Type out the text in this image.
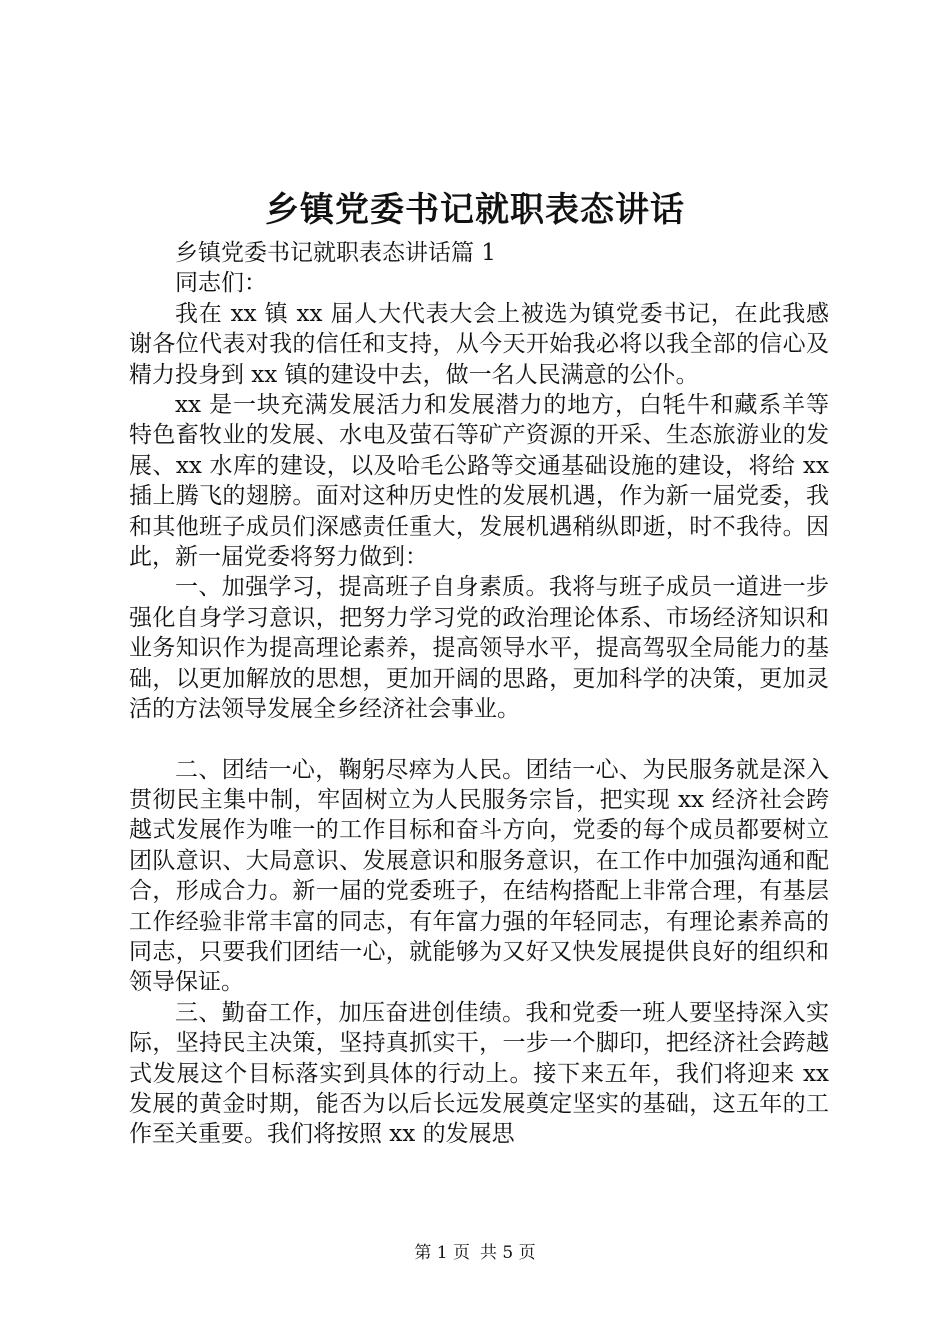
乡镇党委书记就职表态讲话

乡镇党委书记就职表态讲话篇 1

同志们：

我在 xx 镇 xx 届人大代表大会上被选为镇党委书记，在此我感谢各位代表对我的信任和支持，从今天开始我必将以我全部的信心及精力投身到 xx 镇的建设中去，做一名人民满意的公仆。

xx 是一块充满发展活力和发展潜力的地方，白牦牛和藏系羊等特色畜牧业的发展、水电及萤石等矿产资源的开采、生态旅游业的发展、xx 水库的建设，以及哈毛公路等交通基础设施的建设，将给 xx 插上腾飞的翅膀。面对这种历史性的发展机遇，作为新一届党委，我和其他班子成员们深感责任重大，发展机遇稍纵即逝，时不我待。因此，新一届党委将努力做到：

一、加强学习，提高班子自身素质。我将与班子成员一道进一步强化自身学习意识，把努力学习党的政治理论体系、市场经济知识和业务知识作为提高理论素养，提高领导水平，提高驾驭全局能力的基础，以更加解放的思想，更加开阔的思路，更加科学的决策，更加灵活的方法领导发展全乡经济社会事业。

二、团结一心，鞠躬尽瘁为人民。团结一心、为民服务就是深入贯彻民主集中制，牢固树立为人民服务宗旨，把实现 xx 经济社会跨越式发展作为唯一的工作目标和奋斗方向，党委的每个成员都要树立团队意识、大局意识、发展意识和服务意识，在工作中加强沟通和配合，形成合力。新一届的党委班子，在结构搭配上非常合理，有基层工作经验非常丰富的同志，有年富力强的年轻同志，有理论素养高的同志，只要我们团结一心，就能够为又好又快发展提供良好的组织和领导保证。

三、勤奋工作，加压奋进创佳绩。我和党委一班人要坚持深入实际，坚持民主决策，坚持真抓实干，一步一个脚印，把经济社会跨越式发展这个目标落实到具体的行动上。接下来五年，我们将迎来 xx 发展的黄金时期，能否为以后长远发展奠定坚实的基础，这五年的工作至关重要。我们将按照 xx 的发展思

第 1 页 共 5 页
